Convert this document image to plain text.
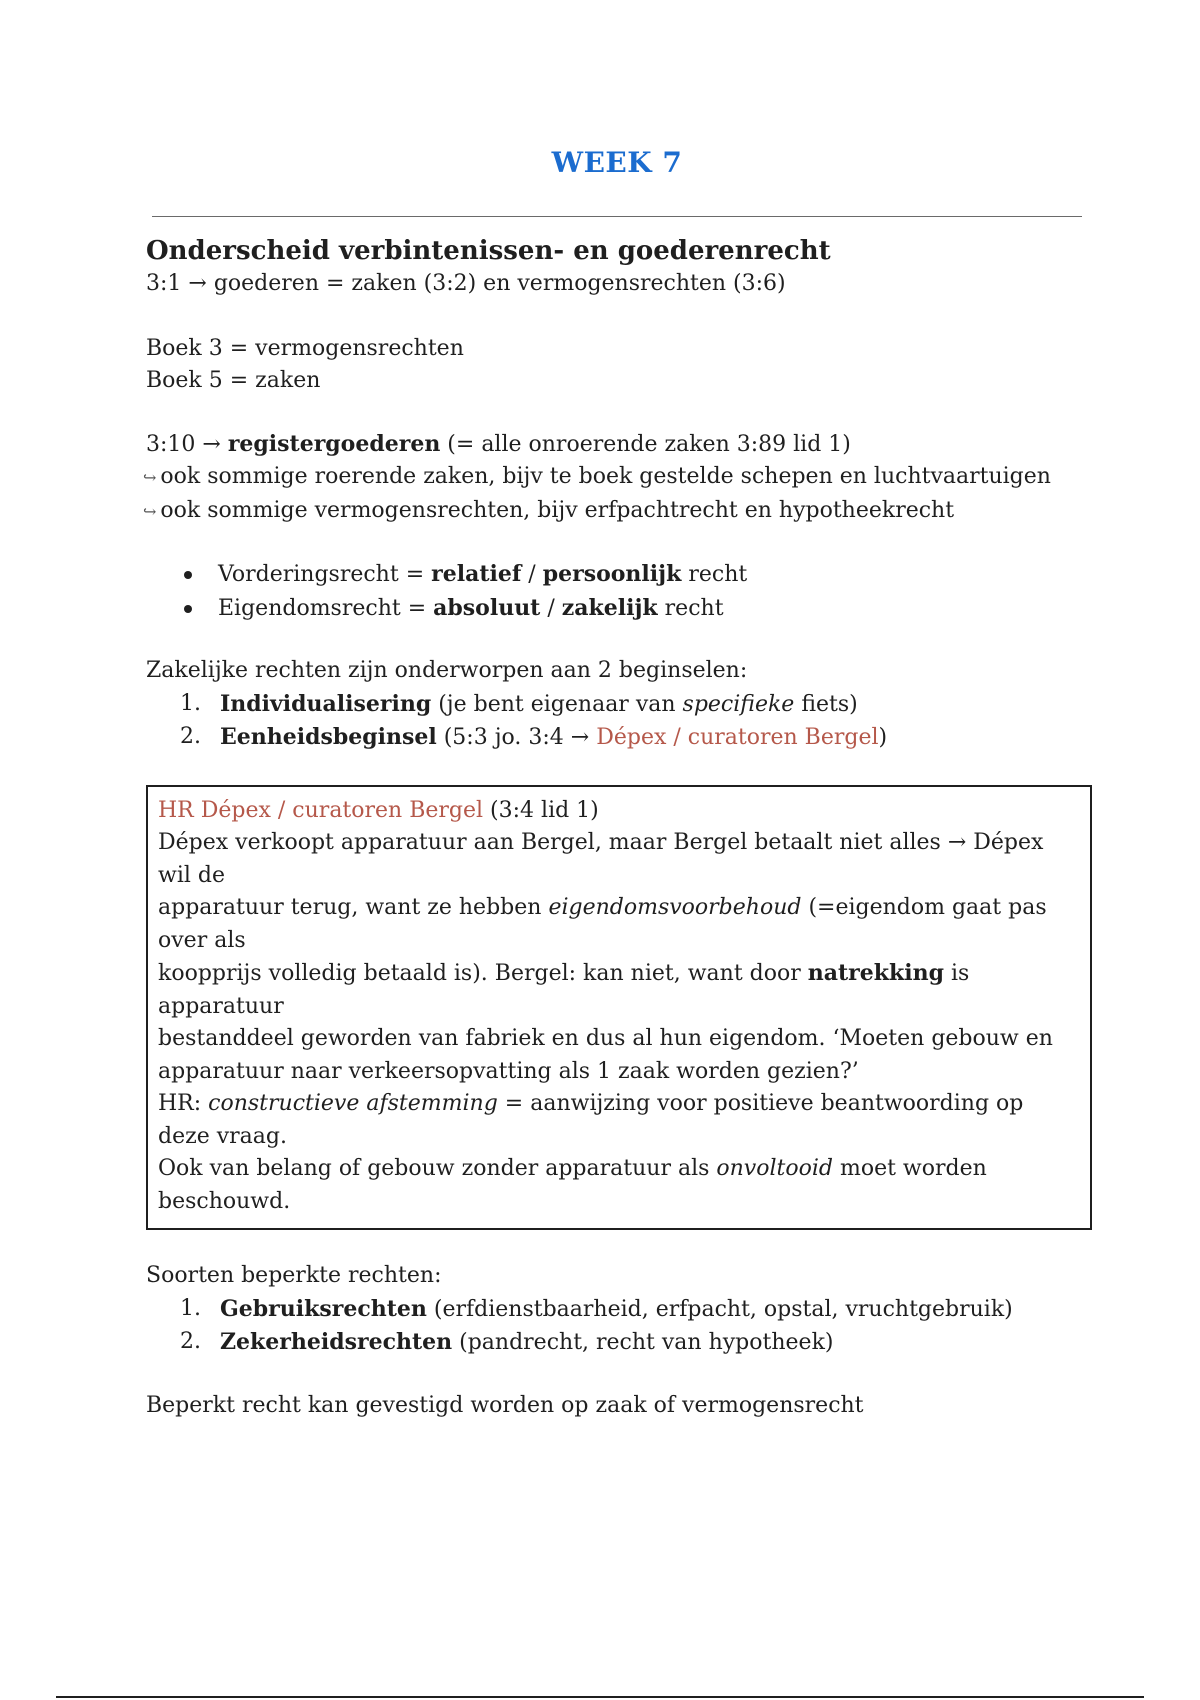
WEEK 7

Onderscheid verbintenissen- en goederenrecht

3:1 → goederen = zaken (3:2) en vermogensrechten (3:6)

Boek 3 = vermogensrechten

Boek 5 = zaken

3:10 → registergoederen (= alle onroerende zaken 3:89 lid 1)

↪ ook sommige roerende zaken, bijv te boek gestelde schepen en luchtvaartuigen

↪ ook sommige vermogensrechten, bijv erfpachtrecht en hypotheekrecht

Vorderingsrecht = relatief / persoonlijk recht
Eigendomsrecht = absoluut / zakelijk recht

Zakelijke rechten zijn onderworpen aan 2 beginselen:

1. Individualisering (je bent eigenaar van specifieke fiets)
2. Eenheidsbeginsel (5:3 jo. 3:4 → Dépex / curatoren Bergel)

HR Dépex / curatoren Bergel (3:4 lid 1)

Dépex verkoopt apparatuur aan Bergel, maar Bergel betaalt niet alles → Dépex wil de

apparatuur terug, want ze hebben eigendomsvoorbehoud (=eigendom gaat pas over als

koopprijs volledig betaald is). Bergel: kan niet, want door natrekking is apparatuur

bestanddeel geworden van fabriek en dus al hun eigendom. ‘Moeten gebouw en

apparatuur naar verkeersopvatting als 1 zaak worden gezien?’

HR: constructieve afstemming = aanwijzing voor positieve beantwoording op deze vraag.

Ook van belang of gebouw zonder apparatuur als onvoltooid moet worden beschouwd.

Soorten beperkte rechten:

1. Gebruiksrechten (erfdienstbaarheid, erfpacht, opstal, vruchtgebruik)
2. Zekerheidsrechten (pandrecht, recht van hypotheek)

Beperkt recht kan gevestigd worden op zaak of vermogensrecht
